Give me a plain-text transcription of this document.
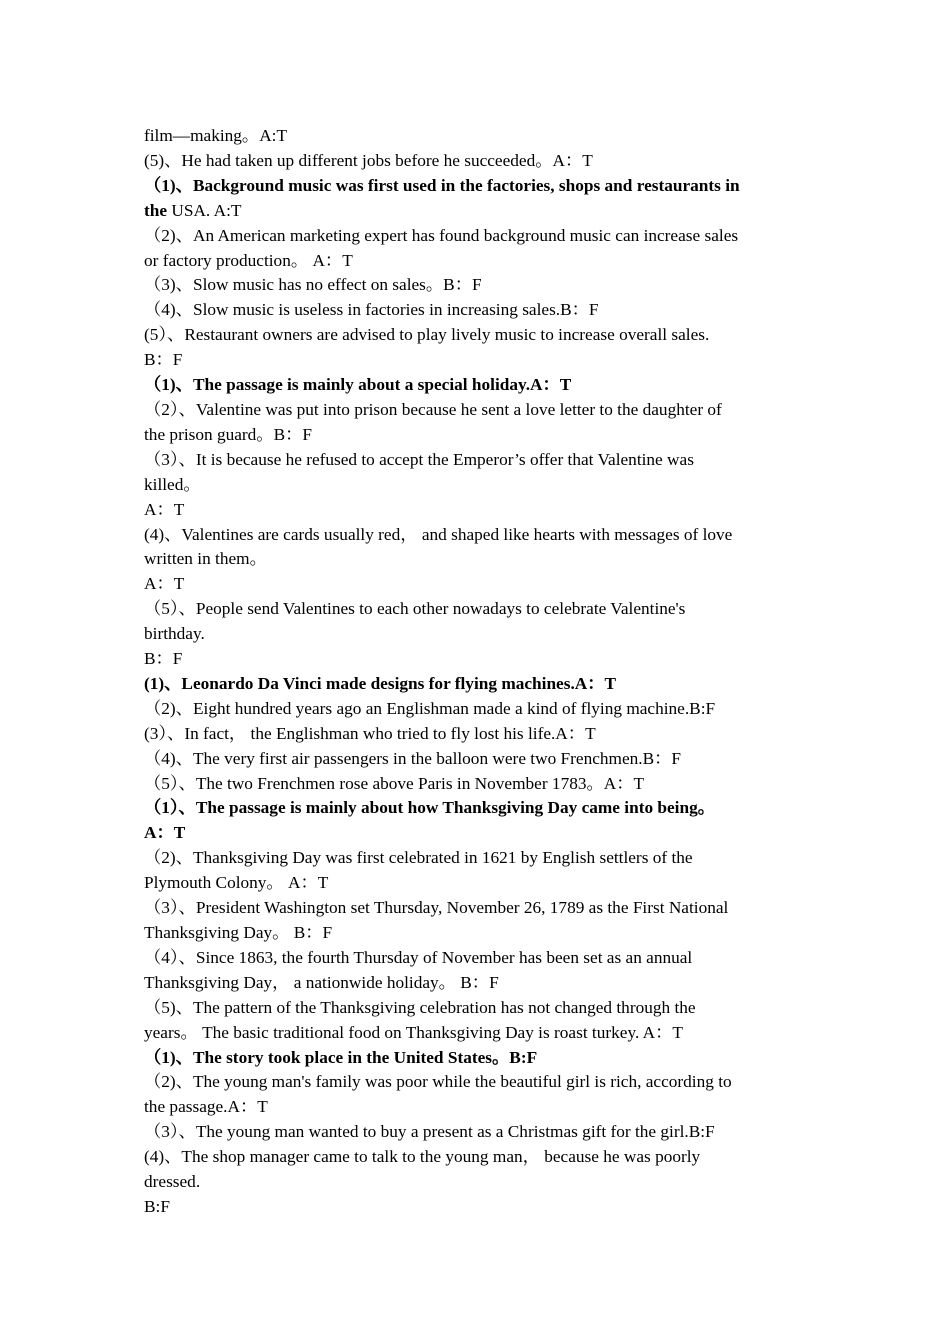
film—making。A:T
(5)、He had taken up different jobs before he succeeded。A：T
（1)、Background music was first used in the factories, shops and restaurants in
the USA. A:T
（2)、An American marketing expert has found background music can increase sales
or factory production。 A：T
（3)、Slow music has no effect on sales。B：F
（4)、Slow music is useless in factories in increasing sales.B：F
(5）、Restaurant owners are advised to play lively music to increase overall sales.
B：F
（1)、The passage is mainly about a special holiday.A：T
（2）、Valentine was put into prison because he sent a love letter to the daughter of
the prison guard。B：F
（3）、It is because he refused to accept the Emperor’s offer that Valentine was
killed。
A：T
(4)、Valentines are cards usually red， and shaped like hearts with messages of love
written in them。
A：T
（5）、People send Valentines to each other nowadays to celebrate Valentine's
birthday.
B：F
(1)、Leonardo Da Vinci made designs for flying machines.A：T
（2)、Eight hundred years ago an Englishman made a kind of flying machine.B:F
(3）、In fact， the Englishman who tried to fly lost his life.A：T
（4)、The very first air passengers in the balloon were two Frenchmen.B：F
（5）、The two Frenchmen rose above Paris in November 1783。A：T
（1）、The passage is mainly about how Thanksgiving Day came into being。
A：T
（2)、Thanksgiving Day was first celebrated in 1621 by English settlers of the
Plymouth Colony。 A：T
（3）、President Washington set Thursday, November 26, 1789 as the First National
Thanksgiving Day。 B：F
（4）、Since 1863, the fourth Thursday of November has been set as an annual
Thanksgiving Day， a nationwide holiday。 B：F
（5)、The pattern of the Thanksgiving celebration has not changed through the
years。 The basic traditional food on Thanksgiving Day is roast turkey. A：T
（1)、The story took place in the United States。B:F
（2)、The young man's family was poor while the beautiful girl is rich, according to
the passage.A：T
（3）、The young man wanted to buy a present as a Christmas gift for the girl.B:F
(4)、The shop manager came to talk to the young man， because he was poorly
dressed.
B:F
